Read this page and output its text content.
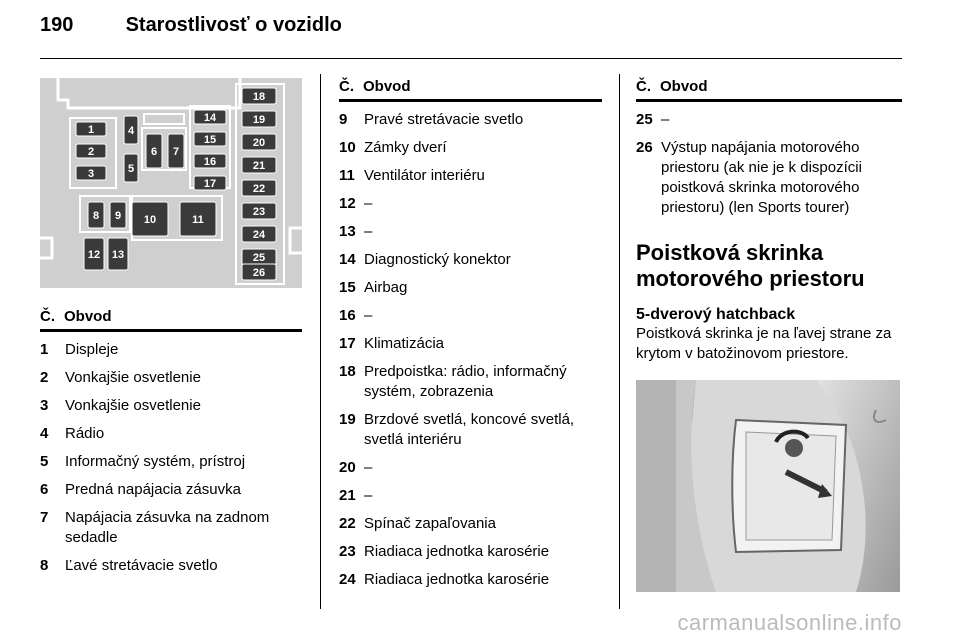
190	Starostlivosť o vozidlo
1
2
3
4
5
6 7
8 9 10	11
12 13
14
15
16
17
18
19
20
21
22
23
24
25
26
Č. Obvod
1	Displeje
2	Vonkajšie osvetlenie
3	Vonkajšie osvetlenie
4	Rádio
5	Informačný systém, prístroj
6	Predná napájacia zásuvka
7	Napájacia zásuvka na zadnom sedadle
8	Ľavé stretávacie svetlo
Č. Obvod
9	Pravé stretávacie svetlo
10 Zámky dverí
11 Ventilátor interiéru
12 –
13 –
14 Diagnostický konektor
15 Airbag
16 –
17 Klimatizácia
18 Predpoistka: rádio, informačný systém, zobrazenia
19 Brzdové svetlá, koncové svetlá, svetlá interiéru
20 –
21 –
22 Spínač zapaľovania
23 Riadiaca jednotka karosérie
24 Riadiaca jednotka karosérie
Č. Obvod
25 –
26 Výstup napájania motorového priestoru (ak nie je k dispozícii poistková skrinka motorového priestoru) (len Sports tourer)
Poistková skrinka motorového priestoru
5-dverový hatchback
Poistková skrinka je na ľavej strane za krytom v batožinovom priestore.
carmanualsonline.info
